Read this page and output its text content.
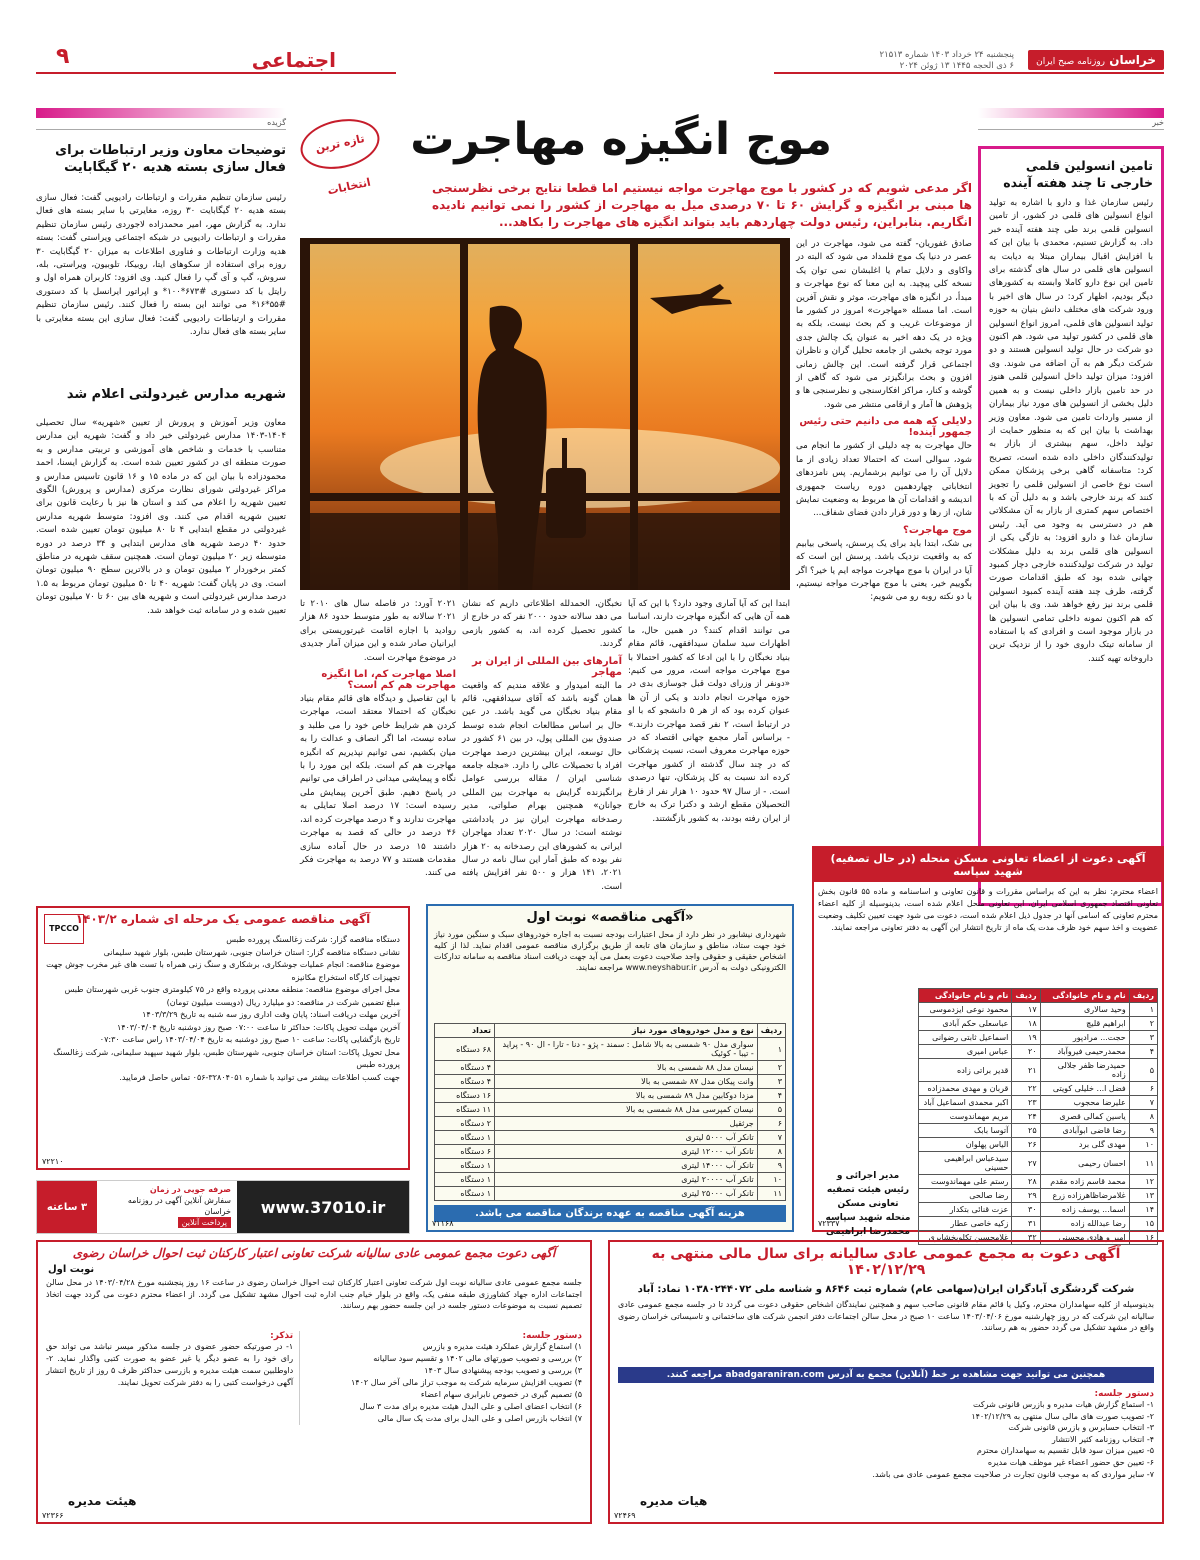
خراسان روزنامه صبح ایران
پنجشنبه ۲۴ خرداد ۱۴۰۳ شماره ۲۱۵۱۳
۶ ذی الحجه ۱۴۴۵ ۱۳ ژوئن ۲۰۲۴
اجتماعی
۹
خبر
تامین انسولین قلمی خارجی تا چند هفته آینده

رئیس سازمان غذا و دارو با اشاره به تولید انواع انسولین های قلمی در کشور، از تامین انسولین قلمی برند طی چند هفته آینده خبر داد. به گزارش تسنیم، محمدی با بیان این که با افزایش اقبال بیماران مبتلا به دیابت به انسولین های قلمی در سال های گذشته برای تامین این نوع دارو کاملا وابسته به کشورهای دیگر بودیم، اظهار کرد: در سال های اخیر با ورود شرکت های مختلف دانش بنیان به حوزه تولید انسولین های قلمی، امروز انواع انسولین های قلمی در کشور تولید می شود. هم اکنون دو شرکت در حال تولید انسولین هستند و دو شرکت دیگر هم به آن اضافه می شوند. وی افزود: میزان تولید داخل انسولین قلمی هنوز در حد تامین بازار داخلی نیست و به همین دلیل بخشی از انسولین های مورد نیاز بیماران از مسیر واردات تامین می شود. معاون وزیر بهداشت با بیان این که به منظور حمایت از تولید داخل، سهم بیشتری از بازار به تولیدکنندگان داخلی داده شده است، تصریح کرد: متاسفانه گاهی برخی پزشکان ممکن است نوع خاصی از انسولین قلمی را تجویز کنند که برند خارجی باشد و به دلیل آن که با اختصاص سهم کمتری از بازار به آن مشکلاتی هم در دسترسی به وجود می آید. رئیس سازمان غذا و دارو افزود: به تازگی یکی از انسولین های قلمی برند به دلیل مشکلات تولید در شرکت تولیدکننده خارجی دچار کمبود جهانی شده بود که طبق اقدامات صورت گرفته، ظرف چند هفته آینده کمبود انسولین قلمی برند نیز رفع خواهد شد. وی با بیان این که هم اکنون نمونه داخلی تمامی انسولین ها در بازار موجود است و افرادی که با استفاده از سامانه تیتک داروی خود را از نزدیک ترین داروخانه تهیه کنند.

موج انگیزه مهاجرت
تازه ترین انتخابات	اگر مدعی شویم که در کشور با موج مهاجرت مواجه نیستیم اما قطعا نتایج برخی نظرسنجی ها مبنی بر انگیزه و گرایش ۶۰ تا ۷۰ درصدی میل به مهاجرت از کشور را نمی توانیم نادیده انگاریم. بنابراین، رئیس دولت چهاردهم باید بتواند انگیزه های مهاجرت را بکاهد...

صادق غفوریان- گفته می شود، مهاجرت در این عصر در دنیا یک موج قلمداد می شود که البته در واکاوی و دلایل تمام یا اغلبشان نمی توان یک نسخه کلی پیچید. به این معنا که نوع مهاجرت و مبدأ، در انگیزه های مهاجرت، موثر و نقش آفرین است. اما مسئله «مهاجرت» امروز در کشور ما از موضوعات غریب و کم بحث نیست، بلکه به ویژه در یک دهه اخیر به عنوان یک چالش جدی مورد توجه بخشی از جامعه تحلیل گران و ناظران اجتماعی قرار گرفته است. این چالش زمانی افزون و بحث برانگیزتر می شود که گاهی از گوشه و کنار، مراکز افکارسنجی و نظرسنجی ها و پژوهش ها آمار و ارقامی منتشر می شود.

دلایلی که همه می دانیم حتی رئیس جمهور آینده!

حال مهاجرت به چه دلیلی از کشور ما انجام می شود، سوالی است که احتمالا تعداد زیادی از ما دلایل آن را می توانیم برشماریم. پس نامزدهای انتخاباتی چهاردهمین دوره ریاست جمهوری اندیشه و اقدامات آن ها مربوط به وضعیت نمایش شان، از رها و دور قرار دادن فضای شفاف...

موج مهاجرت؟

بی شک، ابتدا باید برای یک پرسش، پاسخی بیابیم که به واقعیت نزدیک باشد. پرسش این است که آیا در ایران با موج مهاجرت مواجه ایم یا خیر؟ اگر بگوییم خیر، یعنی با موج مهاجرت مواجه نیستیم، با دو نکته روبه رو می شویم:

ابتدا این که آیا آماری وجود دارد؟ با این که آیا همه آن هایی که انگیزه مهاجرت دارند، اساسا می توانند اقدام کنند؟ در همین حال، ما اظهارات سید سلمان سیدافقهی، قائم مقام بنیاد نخبگان را با این ادعا که کشور احتمالا با موج مهاجرت مواجه است، مرور می کنیم: «دونفر از وزرای دولت قبل جوسازی بدی در حوزه مهاجرت انجام دادند و یکی از آن ها عنوان کرده بود که از هر ۵ دانشجو که با او در ارتباط است، ۲ نفر قصد مهاجرت دارند.» - براساس آمار مجمع جهانی اقتصاد که در حوزه مهاجرت معروف است، نسبت پزشکانی که در چند سال گذشته از کشور مهاجرت کرده اند نسبت به کل پزشکان، تنها درصدی است. - از سال ۹۷ حدود ۱۰ هزار نفر از فارغ التحصیلان مقطع ارشد و دکترا ترک به خارج از ایران رفته بودند، به کشور بازگشتند.

نخبگان، الحمدلله اطلاعاتی داریم که نشان می دهد سالانه حدود ۲۰۰۰ نفر که در خارج از کشور تحصیل کرده اند، به کشور بازمی گردند.

آمارهای بین المللی از ایران بر مهاجر

ما البته امیدوار و علاقه مندیم که واقعیت همان گونه باشد که آقای سیدافقهی، قائم مقام بنیاد نخبگان می گوید باشد. در عین حال بر اساس مطالعات انجام شده توسط صندوق بین المللی پول، در بین ۶۱ کشور در حال توسعه، ایران بیشترین درصد مهاجرت افراد با تحصیلات عالی را دارد. «مجله جامعه شناسی ایران / مقاله بررسی عوامل برانگیزنده گرایش به مهاجرت بین المللی جوانان» همچنین بهرام صلواتی، مدیر رصدخانه مهاجرت ایران نیز در یادداشتی نوشته است: در سال ۲۰۲۰ تعداد مهاجران ایرانی به کشورهای این رصدخانه به ۲۰ هزار نفر بوده که طبق آمار این سال نامه در سال ۲۰۲۱، ۱۴۱ هزار و ۵۰۰ نفر افزایش یافته است.

۲۰۲۱ آورد: در فاصله سال های ۲۰۱۰ تا ۲۰۲۱ سالانه به طور متوسط حدود ۸۶ هزار روادید با اجازه اقامت غیرتوریستی برای ایرانیان صادر شده و این میزان آمار جدیدی در موضوع مهاجرت است.

اصلا مهاجرت کم، اما انگیزه مهاجرت هم کم است؟

با این تفاصیل و دیدگاه های قائم مقام بنیاد نخبگان که احتمالا معتقد است، مهاجرت کردن هم شرایط خاص خود را می طلبد و ساده نیست، اما اگر انصاف و عدالت را به میان بکشیم، نمی توانیم نپذیریم که انگیزه مهاجرت هم کم است. بلکه این مورد را با نگاه و پیمایشی میدانی در اطراف می توانیم در پاسخ دهیم. طبق آخرین پیمایش ملی رسیده است: ۱۷ درصد اصلا تمایلی به مهاجرت ندارند و ۴ درصد مهاجرت کرده اند، ۴۶ درصد در حالی که قصد به مهاجرت داشتند ۱۵ درصد در حال آماده سازی مقدمات هستند و ۷۷ درصد به مهاجرت فکر می کنند.

گزیده
توضیحات معاون وزیر ارتباطات برای فعال سازی بسته هدیه ۲۰ گیگابایت

رئیس سازمان تنظیم مقررات و ارتباطات رادیویی گفت: فعال سازی بسته هدیه ۲۰ گیگابایت ۳۰ روزه، مغایرتی با سایر بسته های فعال ندارد. به گزارش مهر، امیر محمدزاده لاجوردی رئیس سازمان تنظیم مقررات و ارتباطات رادیویی در شبکه اجتماعی ویراستی گفت: بسته هدیه وزارت ارتباطات و فناوری اطلاعات به میزان ۲۰ گیگابایت ۳۰ روزه برای استفاده از سکوهای ایتا، روبیکا، تلوبیون، ویراستی، بله، سروش، گپ و آی گپ را فعال کنید. وی افزود: کاربران همراه اول و رایتل با کد دستوری #۶۷۳*۱۰۰* و اپراتور ایرانسل با کد دستوری #۵۵*۱۶* می توانند این بسته را فعال کنند. رئیس سازمان تنظیم مقررات و ارتباطات رادیویی گفت: فعال سازی این بسته مغایرتی با سایر بسته های فعال ندارد.

شهریه مدارس غیردولتی اعلام شد

معاون وزیر آموزش و پرورش از تعیین «شهریه» سال تحصیلی ۱۴۰۴-۱۴۰۳ مدارس غیردولتی خبر داد و گفت: شهریه این مدارس متناسب با خدمات و شاخص های آموزشی و تربیتی مدارس و به صورت منطقه ای در کشور تعیین شده است. به گزارش ایسنا، احمد محمودزاده با بیان این که در ماده ۱۵ و ۱۶ قانون تاسیس مدارس و مراکز غیردولتی شورای نظارت مرکزی (مدارس و پرورش) الگوی تعیین شهریه را اعلام می کند و استان ها نیز با رعایت قانون برای تعیین شهریه اقدام می کنند. وی افزود: متوسط شهریه مدارس غیردولتی در مقطع ابتدایی ۴ تا ۸۰ میلیون تومان تعیین شده است. حدود ۴۰ درصد شهریه های مدارس ابتدایی و ۳۴ درصد در دوره متوسطه زیر ۲۰ میلیون تومان است. همچنین سقف شهریه در مناطق کمتر برخوردار ۲ میلیون تومان و در بالاترین سطح ۹۰ میلیون تومان است. وی در پایان گفت: شهریه ۴۰ تا ۵۰ میلیون تومان مربوط به ۱.۵ درصد مدارس غیردولتی است و شهریه های بین ۶۰ تا ۷۰ میلیون تومان تعیین شده و در سامانه ثبت خواهد شد.

آگهی دعوت از اعضاء تعاونی مسکن منحله (در حال تصفیه) شهید سپاسه

اعضاء محترم: نظر به این که براساس مقررات و قانون تعاونی و اساسنامه و ماده ۵۵ قانون بخش تعاونی اقتصاد جمهوری اسلامی ایران، این تعاونی منحل اعلام شده است، بدینوسیله از کلیه اعضاء محترم تعاونی که اسامی آنها در جدول ذیل اعلام شده است، دعوت می شود جهت تعیین تکلیف وضعیت عضویت و اخذ سهم خود ظرف مدت یک ماه از تاریخ انتشار این آگهی به دفتر تعاونی مراجعه نمایند.

ردیف	نام و نام خانوادگی	ردیف	نام و نام خانوادگی
۱	وحید سالاری	۱۷	محمود نوعی ایزدموسی
۲	ابراهیم قلیچ	۱۸	عباسعلی حکم آبادی
۳	حجت... مرادپور	۱۹	اسماعیل ثابتی رضوانی
۴	محمدرحیمی فیروآباد	۲۰	عباس امیری
۵	حمیدرضا ظفر جلالی زاده	۲۱	قدیر براتی زاده
۶	فضل ا... خلیلی کویتی	۲۲	قربان و مهدی محمدزاده
۷	علیرضا محجوب	۲۳	اکبر محمدی اسماعیل آباد
۸	یاسین کمالی قصری	۲۴	مریم مهماندوست
۹	رضا قاضی ابوآبادی	۲۵	آتوسا بابک
۱۰	مهدی گلی برد	۲۶	الیاس پهلوان
۱۱	احسان رحیمی	۲۷	سیدعباس ابراهیمی حسینی
۱۲	محمد قاسم زاده مقدم	۲۸	رستم علی مهماندوست
۱۳	غلامرضاظاهرزاده زرع	۲۹	رضا صالحی
۱۴	اسما... یوسف زاده	۳۰	عزت قنائی بتکدار
۱۵	رضا عبدالله زاده	۳۱	زکیه خاصی عطار
۱۶	امیر و هادی محسنی	۳۲	غلامحسین تکلوبخشایری
مدیر اجرائی و رئیس هیئت تصفیه تعاونی مسکن منحله شهید سپاسه محمدرضا ابراهیمی
۷۲۳۳۷
«آگهی مناقصه» نوبت اول

شهرداری نیشابور در نظر دارد از محل اعتبارات بودجه نسبت به اجاره خودروهای سبک و سنگین مورد نیاز خود جهت ستاد، مناطق و سازمان های تابعه از طریق برگزاری مناقصه عمومی اقدام نماید. لذا از کلیه اشخاص حقیقی و حقوقی واجد صلاحیت دعوت بعمل می آید جهت دریافت اسناد مناقصه به سامانه تدارکات الکترونیکی دولت به آدرس www.neyshabur.ir مراجعه نمایند.

ردیف	نوع و مدل خودروهای مورد نیاز	تعداد
۱	سواری مدل ۹۰ شمسی به بالا شامل : سمند - پژو - دنا - تارا - ال ۹۰ - پراید - تیبا - کوئیک	۶۸ دستگاه
۲	نیسان مدل ۸۸ شمسی به بالا	۴ دستگاه
۳	وانت پیکان مدل ۸۷ شمسی به بالا	۴ دستگاه
۴	مزدا دوکابین مدل ۸۹ شمسی به بالا	۱۶ دستگاه
۵	نیسان کمپرسی مدل ۸۸ شمسی به بالا	۱۱ دستگاه
۶	جرثقیل	۲ دستگاه
۷	تانکر آب ۵۰۰۰ لیتری	۱ دستگاه
۸	تانکر آب ۱۲۰۰۰ لیتری	۶ دستگاه
۹	تانکر آب ۱۴۰۰۰ لیتری	۱ دستگاه
۱۰	تانکر آب ۲۰۰۰۰ لیتری	۱ دستگاه
۱۱	تانکر آب ۲۵۰۰۰ لیتری	۱ دستگاه
هزینه آگهی مناقصه به عهده برندگان مناقصه می باشد.
۷۱۱۶۸
آگهی مناقصه عمومی یک مرحله ای شماره ۱۴۰۳/۲
TPCCO
دستگاه مناقصه گزار: شرکت زغالسنگ پرورده طبس
نشانی دستگاه مناقصه گزار: استان خراسان جنوبی، شهرستان طبس، بلوار شهید سلیمانی
موضوع مناقصه: انجام عملیات جوشکاری، برشکاری و سنگ زنی همراه با تست های غیر مخرب جوش جهت تجهیزات کارگاه استخراج مکانیزه
محل اجرای موضوع مناقصه: منطقه معدنی پرورده واقع در ۷۵ کیلومتری جنوب غربی شهرستان طبس
مبلغ تضمین شرکت در مناقصه: دو میلیارد ریال (دویست میلیون تومان)
آخرین مهلت دریافت اسناد: پایان وقت اداری روز سه شنبه به تاریخ ۱۴۰۳/۳/۲۹
آخرین مهلت تحویل پاکات: حداکثر تا ساعت ۰۷:۰۰ صبح روز دوشنبه تاریخ ۱۴۰۳/۰۴/۰۴
تاریخ بازگشایی پاکات: ساعت ۱۰ صبح روز دوشنبه به تاریخ ۱۴۰۳/۰۴/۰۴ راس ساعت ۰۷:۳۰
محل تحویل پاکات: استان خراسان جنوبی، شهرستان طبس، بلوار شهید سپهبد سلیمانی، شرکت زغالسنگ پرورده طبس
جهت کسب اطلاعات بیشتر می توانید با شماره ۳۲۸۰۴۰۵۱-۰۵۶ تماس حاصل فرمایید.
۷۲۲۱۰
www.37010.ir
صرفه جویی در زمان
سفارش آنلاین آگهی در روزنامه خراسان
پرداخت آنلاین
۳ ساعته
آگهی دعوت به مجمع عمومی عادی سالیانه برای سال مالی منتهی به ۱۴۰۲/۱۲/۲۹
شرکت گردشگری آبادگران ایران(سهامی عام) شماره ثبت ۸۶۴۶ و شناسه ملی ۱۰۳۸۰۲۴۴۰۷۲ نماد: آباد

بدینوسیله از کلیه سهامداران محترم، وکیل یا قائم مقام قانونی صاحب سهم و همچنین نمایندگان اشخاص حقوقی دعوت می گردد تا در جلسه مجمع عمومی عادی سالیانه این شرکت که در روز چهارشنبه مورخ ۱۴۰۳/۰۴/۰۶ ساعت ۱۰ صبح در محل سالن اجتماعات دفتر انجمن شرکت های ساختمانی و تاسیساتی خراسان رضوی واقع در مشهد تشکیل می گردد حضور به هم رسانند.

همچنین می توانید جهت مشاهده بر خط (آنلاین) مجمع به آدرس abadgaraniran.com مراجعه کنند.
دستور جلسه:
۱- استماع گزارش هیات مدیره و بازرس قانونی شرکت
۲- تصویب صورت های مالی سال منتهی به ۱۴۰۲/۱۲/۲۹
۳- انتخاب حسابرس و بازرس قانونی شرکت
۴- انتخاب روزنامه کثیر الانتشار
۵- تعیین میزان سود قابل تقسیم به سهامداران محترم
۶- تعیین حق حضور اعضاء غیر موظف هیات مدیره
۷- سایر مواردی که به موجب قانون تجارت در صلاحیت مجمع عمومی عادی می باشد.
هیات مدیره
۷۲۴۶۹
آگهی دعوت مجمع عمومی عادی سالیانه شرکت تعاونی اعتبار کارکنان ثبت احوال خراسان رضوی
نوبت اول

جلسه مجمع عمومی عادی سالیانه نوبت اول شرکت تعاونی اعتبار کارکنان ثبت احوال خراسان رضوی در ساعت ۱۶ روز پنجشنبه مورخ ۱۴۰۳/۰۴/۲۸ در محل سالن اجتماعات اداره جهاد کشاورزی طبقه منفی یک، واقع در بلوار خیام جنب اداره ثبت احوال مشهد تشکیل می گردد. از اعضاء محترم دعوت می گردد جهت اتخاذ تصمیم نسبت به موضوعات دستور جلسه در این جلسه حضور بهم رسانند.

دستور جلسه:
۱) استماع گزارش عملکرد هیئت مدیره و بازرس
۲) بررسی و تصویب صورتهای مالی ۱۴۰۲ و تقسیم سود سالیانه
۳) بررسی و تصویب بودجه پیشنهادی سال ۱۴۰۳
۴) تصویب افزایش سرمایه شرکت به موجب تراز مالی آخر سال ۱۴۰۲
۵) تصمیم گیری در خصوص نابرابری سهام اعضاء
۶) انتخاب اعضای اصلی و علی البدل هیئت مدیره برای مدت ۳ سال
۷) انتخاب بازرس اصلی و علی البدل برای مدت یک سال مالی
تذکر:

۱- در صورتیکه حضور عضوی در جلسه مذکور میسر نباشد می تواند حق رای خود را به عضو دیگر یا غیر عضو به صورت کتبی واگذار نماید. ۲- داوطلبین سمت هیئت مدیره و بازرسی حداکثر ظرف ۵ روز از تاریخ انتشار آگهی درخواست کتبی را به دفتر شرکت تحویل نمایند.

هیئت مدیره
۷۲۳۶۶
